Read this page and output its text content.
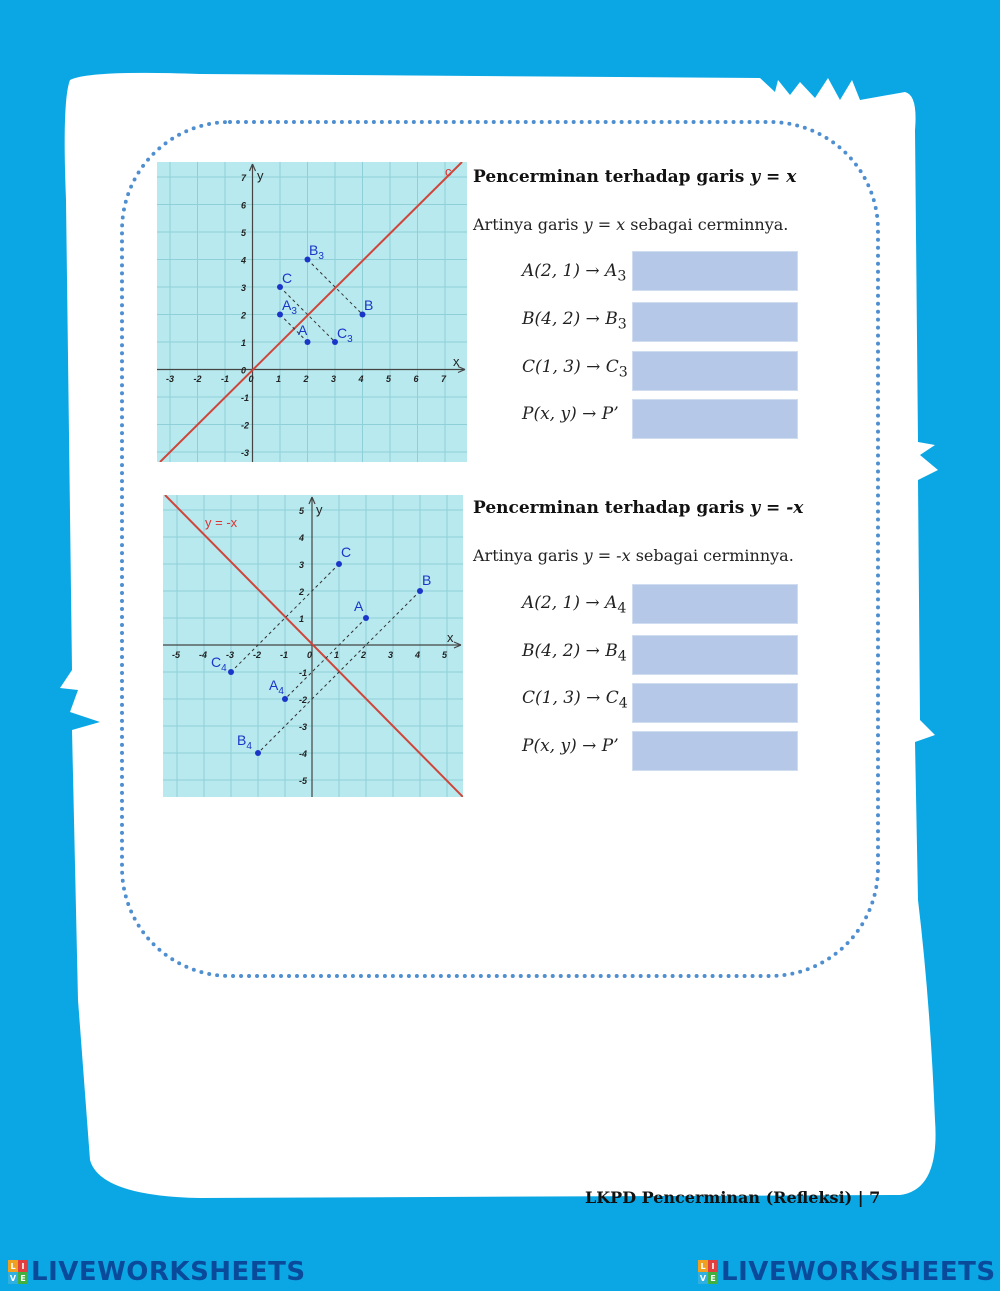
-3 -2 -1 0 1 2 3 4 5 6 7
7
6
5
4
3
2
1
0
-1
-2
-3
x
y	c
$B_3$
C
$A_3$	B
A $C_3$
Pencerminan terhadap garis y = x
Artinya garis y = x sebagai cerminnya.
A(2, $1) \to A_3$
B(4, $2) \to B_3$
C(1, $3) \to C_3$
P(x, y) → P’
-5 -4 -3 -2 -1 0 1 2 3 4 5
5
4
3
2
1
-1
-2
-3
-4
-5
x
y
y = -x
C
B
A
$C_4$
$A_4$
$B_4$
Pencerminan terhadap garis y = -x
Artinya garis y = -x sebagai cerminnya.
A(2, $1) \to A_4$
B(4, $2) \to B_4$
C(1, $3) \to C_4$
P(x, y) → P’
LKPD Pencerminan (Refleksi) | 7
L I
V E LIVEWORKSHEETS	L I
V E LIVEWORKSHEETS
